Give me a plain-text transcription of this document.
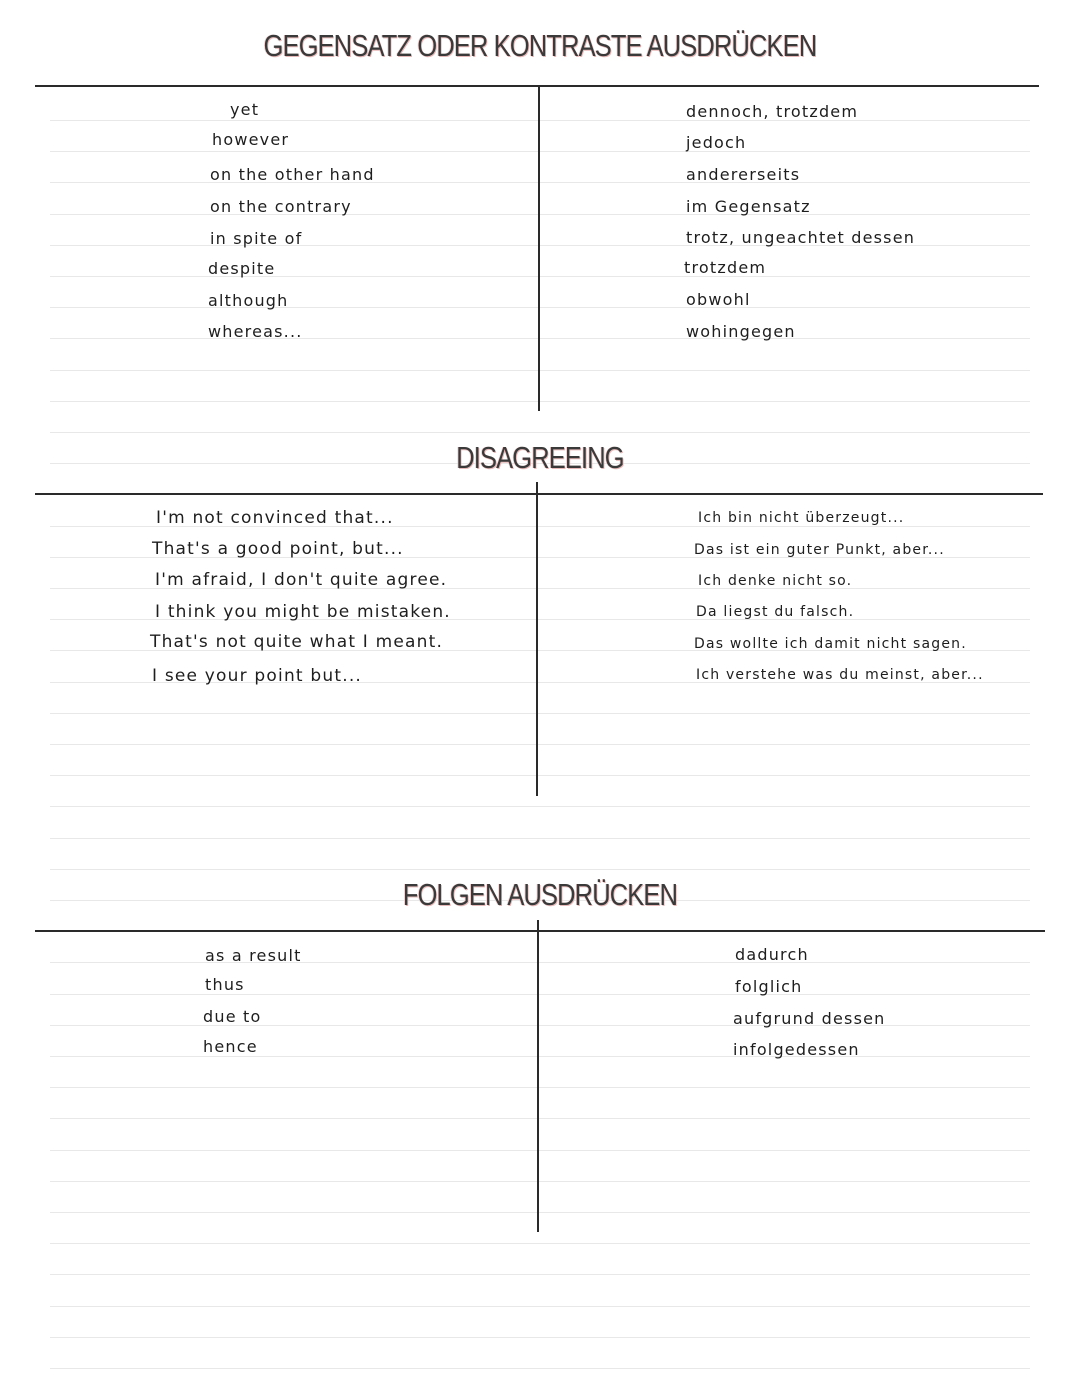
GEGENSATZ ODER KONTRASTE AUSDRÜCKEN
yet
however
on the other hand
on the contrary
in spite of
despite
although
whereas...
dennoch, trotzdem
jedoch
andererseits
im Gegensatz
trotz, ungeachtet dessen
trotzdem
obwohl
wohingegen
DISAGREEING
I'm not convinced that...
That's a good point, but...
I'm afraid, I don't quite agree.
I think you might be mistaken.
That's not quite what I meant.
I see your point but...
Ich bin nicht überzeugt...
Das ist ein guter Punkt, aber...
Ich denke nicht so.
Da liegst du falsch.
Das wollte ich damit nicht sagen.
Ich verstehe was du meinst, aber...
FOLGEN AUSDRÜCKEN
as a result
thus
due to
hence
dadurch
folglich
aufgrund dessen
infolgedessen
